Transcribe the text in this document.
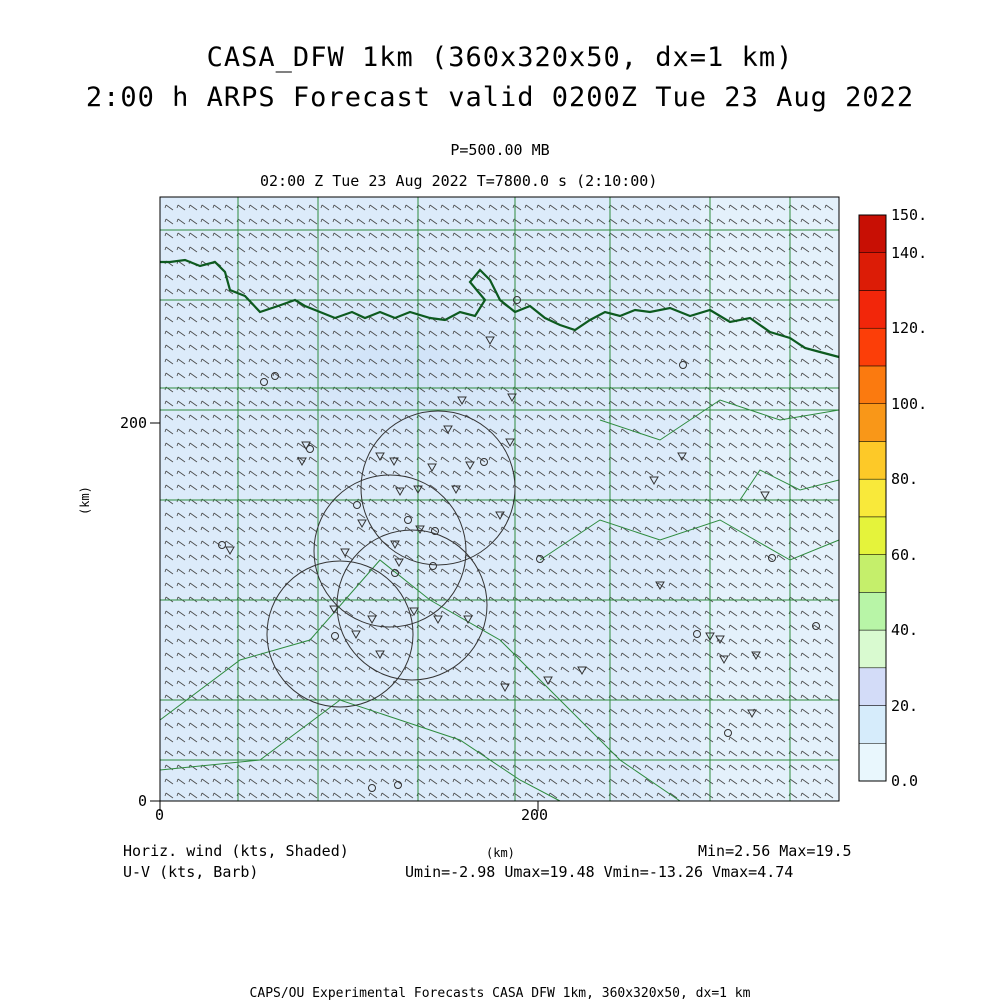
CASA_DFW 1km (360x320x50, dx=1 km)
2:00 h ARPS Forecast valid 0200Z Tue 23 Aug 2022
P=500.00 MB
02:00 Z Tue 23 Aug 2022 T=7800.0 s (2:10:00)
200
0
0	200
(km)
150.
140.
120.
100.
80.
60.
40.
20.
0.0
Horiz. wind (kts, Shaded)
U-V (kts, Barb)
(km)	Min=2.56 Max=19.5
Umin=-2.98 Umax=19.48 Vmin=-13.26 Vmax=4.74
CAPS/OU Experimental Forecasts CASA DFW 1km, 360x320x50, dx=1 km
